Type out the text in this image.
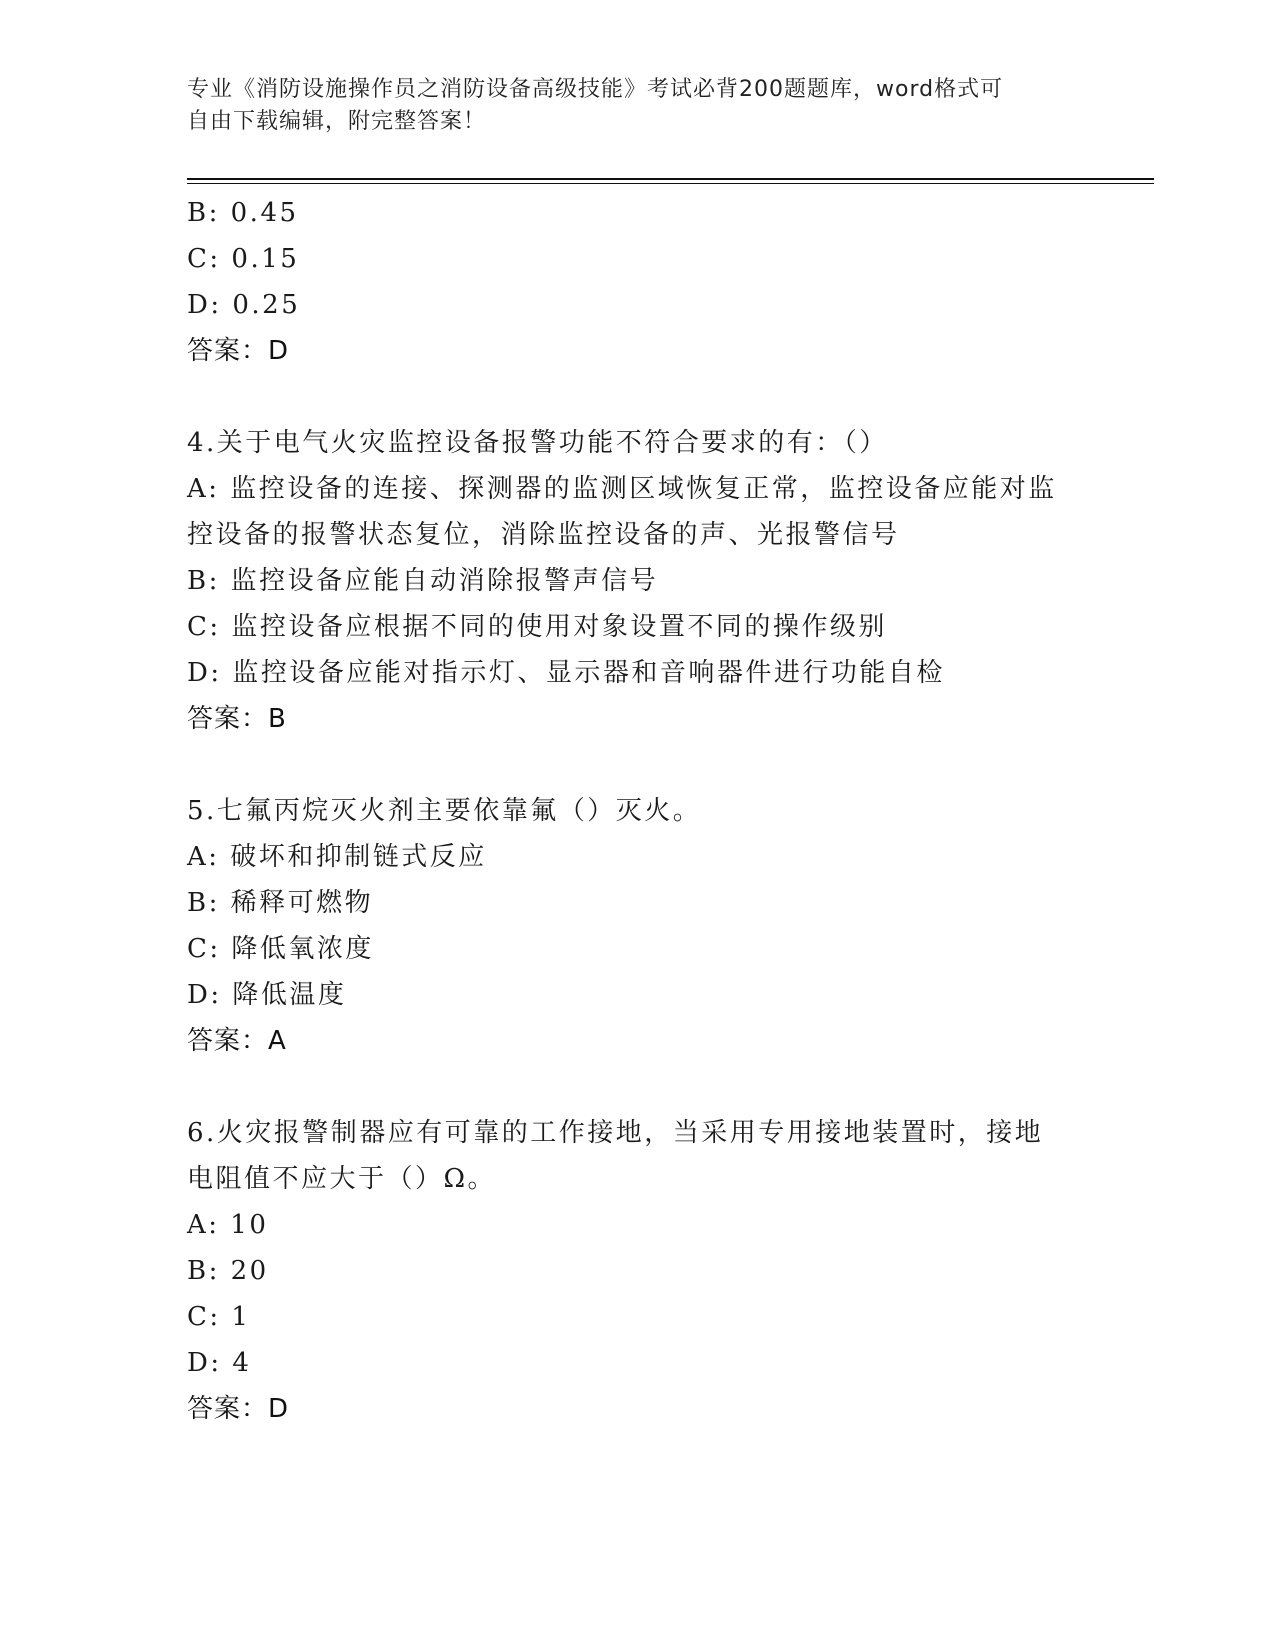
专业《消防设施操作员之消防设备高级技能》考试必背200题题库，word格式可
自由下载编辑，附完整答案！
B: 0.45
C: 0.15
D: 0.25
答案：D
4.关于电气火灾监控设备报警功能不符合要求的有：（）
A: 监控设备的连接、探测器的监测区域恢复正常，监控设备应能对监
控设备的报警状态复位，消除监控设备的声、光报警信号
B: 监控设备应能自动消除报警声信号
C: 监控设备应根据不同的使用对象设置不同的操作级别
D: 监控设备应能对指示灯、显示器和音响器件进行功能自检
答案：B
5.七氟丙烷灭火剂主要依靠氟（）灭火。
A: 破坏和抑制链式反应
B: 稀释可燃物
C: 降低氧浓度
D: 降低温度
答案：A
6.火灾报警制器应有可靠的工作接地，当采用专用接地装置时，接地
电阻值不应大于（）Ω。
A: 10
B: 20
C: 1
D: 4
答案：D
